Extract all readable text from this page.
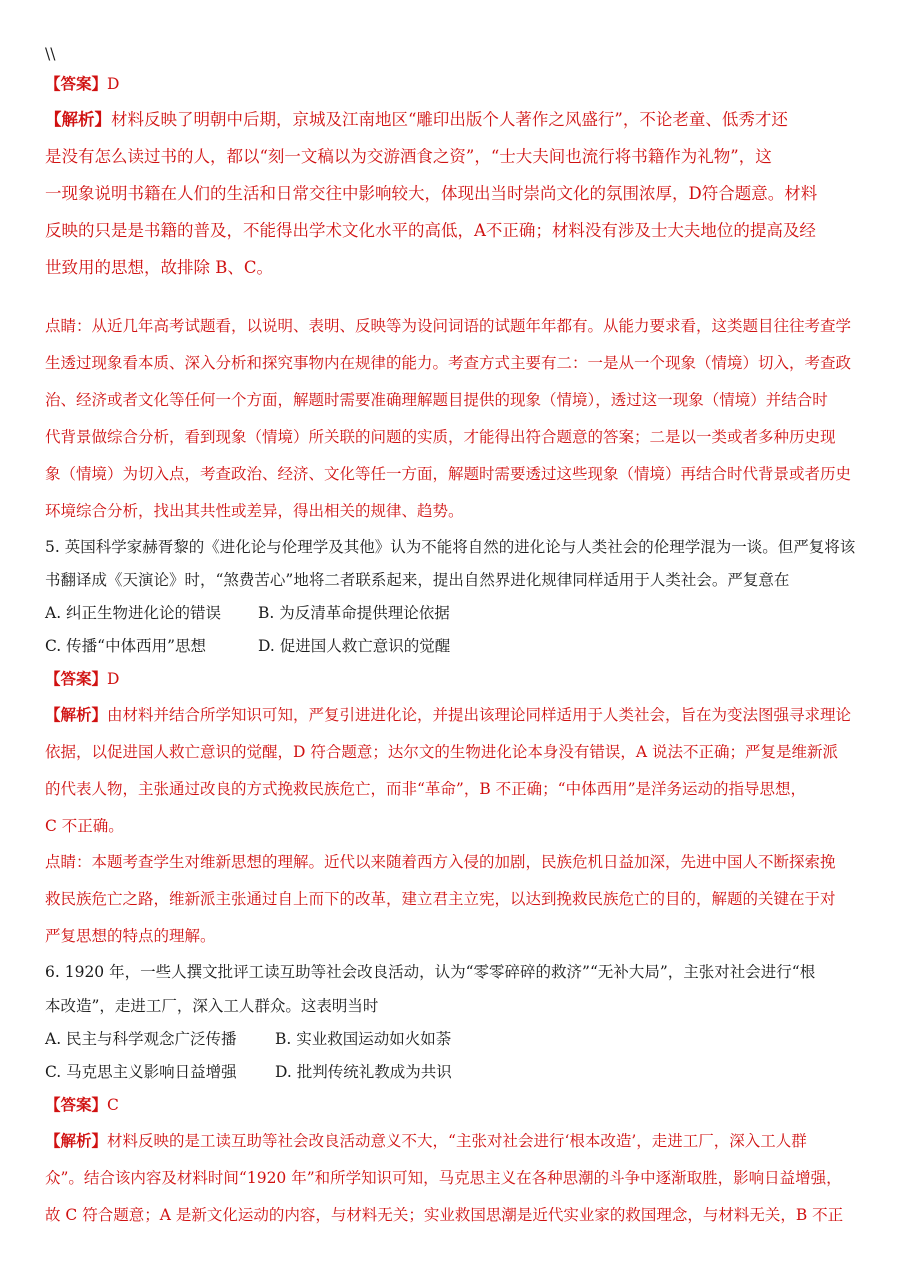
\\
【答案】D
【解析】材料反映了明朝中后期，京城及江南地区“雕印出版个人著作之风盛行”，不论老童、低秀才还
是没有怎么读过书的人，都以“刻一文稿以为交游酒食之资”，“士大夫间也流行将书籍作为礼物”，这
一现象说明书籍在人们的生活和日常交往中影响较大，体现出当时崇尚文化的氛围浓厚，D符合题意。材料
反映的只是是书籍的普及，不能得出学术文化水平的高低，A不正确；材料没有涉及士大夫地位的提高及经
世致用的思想，故排除 B、C。
点睛：从近几年高考试题看，以说明、表明、反映等为设问词语的试题年年都有。从能力要求看，这类题目往往考查学
生透过现象看本质、深入分析和探究事物内在规律的能力。考查方式主要有二：一是从一个现象（情境）切入，考查政
治、经济或者文化等任何一个方面，解题时需要准确理解题目提供的现象（情境），透过这一现象（情境）并结合时
代背景做综合分析，看到现象（情境）所关联的问题的实质，才能得出符合题意的答案；二是以一类或者多种历史现
象（情境）为切入点，考查政治、经济、文化等任一方面，解题时需要透过这些现象（情境）再结合时代背景或者历史
环境综合分析，找出其共性或差异，得出相关的规律、趋势。
5. 英国科学家赫胥黎的《进化论与伦理学及其他》认为不能将自然的进化论与人类社会的伦理学混为一谈。但严复将该
书翻译成《天演论》时，“煞费苦心”地将二者联系起来，提出自然界进化规律同样适用于人类社会。严复意在
A. 纠正生物进化论的错误 B. 为反清革命提供理论依据
C. 传播“中体西用”思想	D. 促进国人救亡意识的觉醒
【答案】D
【解析】由材料并结合所学知识可知，严复引进进化论，并提出该理论同样适用于人类社会，旨在为变法图强寻求理论
依据，以促进国人救亡意识的觉醒，D 符合题意；达尔文的生物进化论本身没有错误，A 说法不正确；严复是维新派
的代表人物，主张通过改良的方式挽救民族危亡，而非“革命”，B 不正确；“中体西用”是洋务运动的指导思想，
C 不正确。
点睛：本题考查学生对维新思想的理解。近代以来随着西方入侵的加剧，民族危机日益加深，先进中国人不断探索挽
救民族危亡之路，维新派主张通过自上而下的改革，建立君主立宪，以达到挽救民族危亡的目的，解题的关键在于对
严复思想的特点的理解。
6. 1920 年，一些人撰文批评工读互助等社会改良活动，认为“零零碎碎的救济”“无补大局”，主张对社会进行“根
本改造”，走进工厂，深入工人群众。这表明当时
A. 民主与科学观念广泛传播 B. 实业救国运动如火如荼
C. 马克思主义影响日益增强 D. 批判传统礼教成为共识
【答案】C
【解析】材料反映的是工读互助等社会改良活动意义不大，“主张对社会进行‘根本改造’，走进工厂，深入工人群
众”。结合该内容及材料时间“1920 年”和所学知识可知，马克思主义在各种思潮的斗争中逐渐取胜，影响日益增强，
故 C 符合题意；A 是新文化运动的内容，与材料无关；实业救国思潮是近代实业家的救国理念，与材料无关，B 不正
